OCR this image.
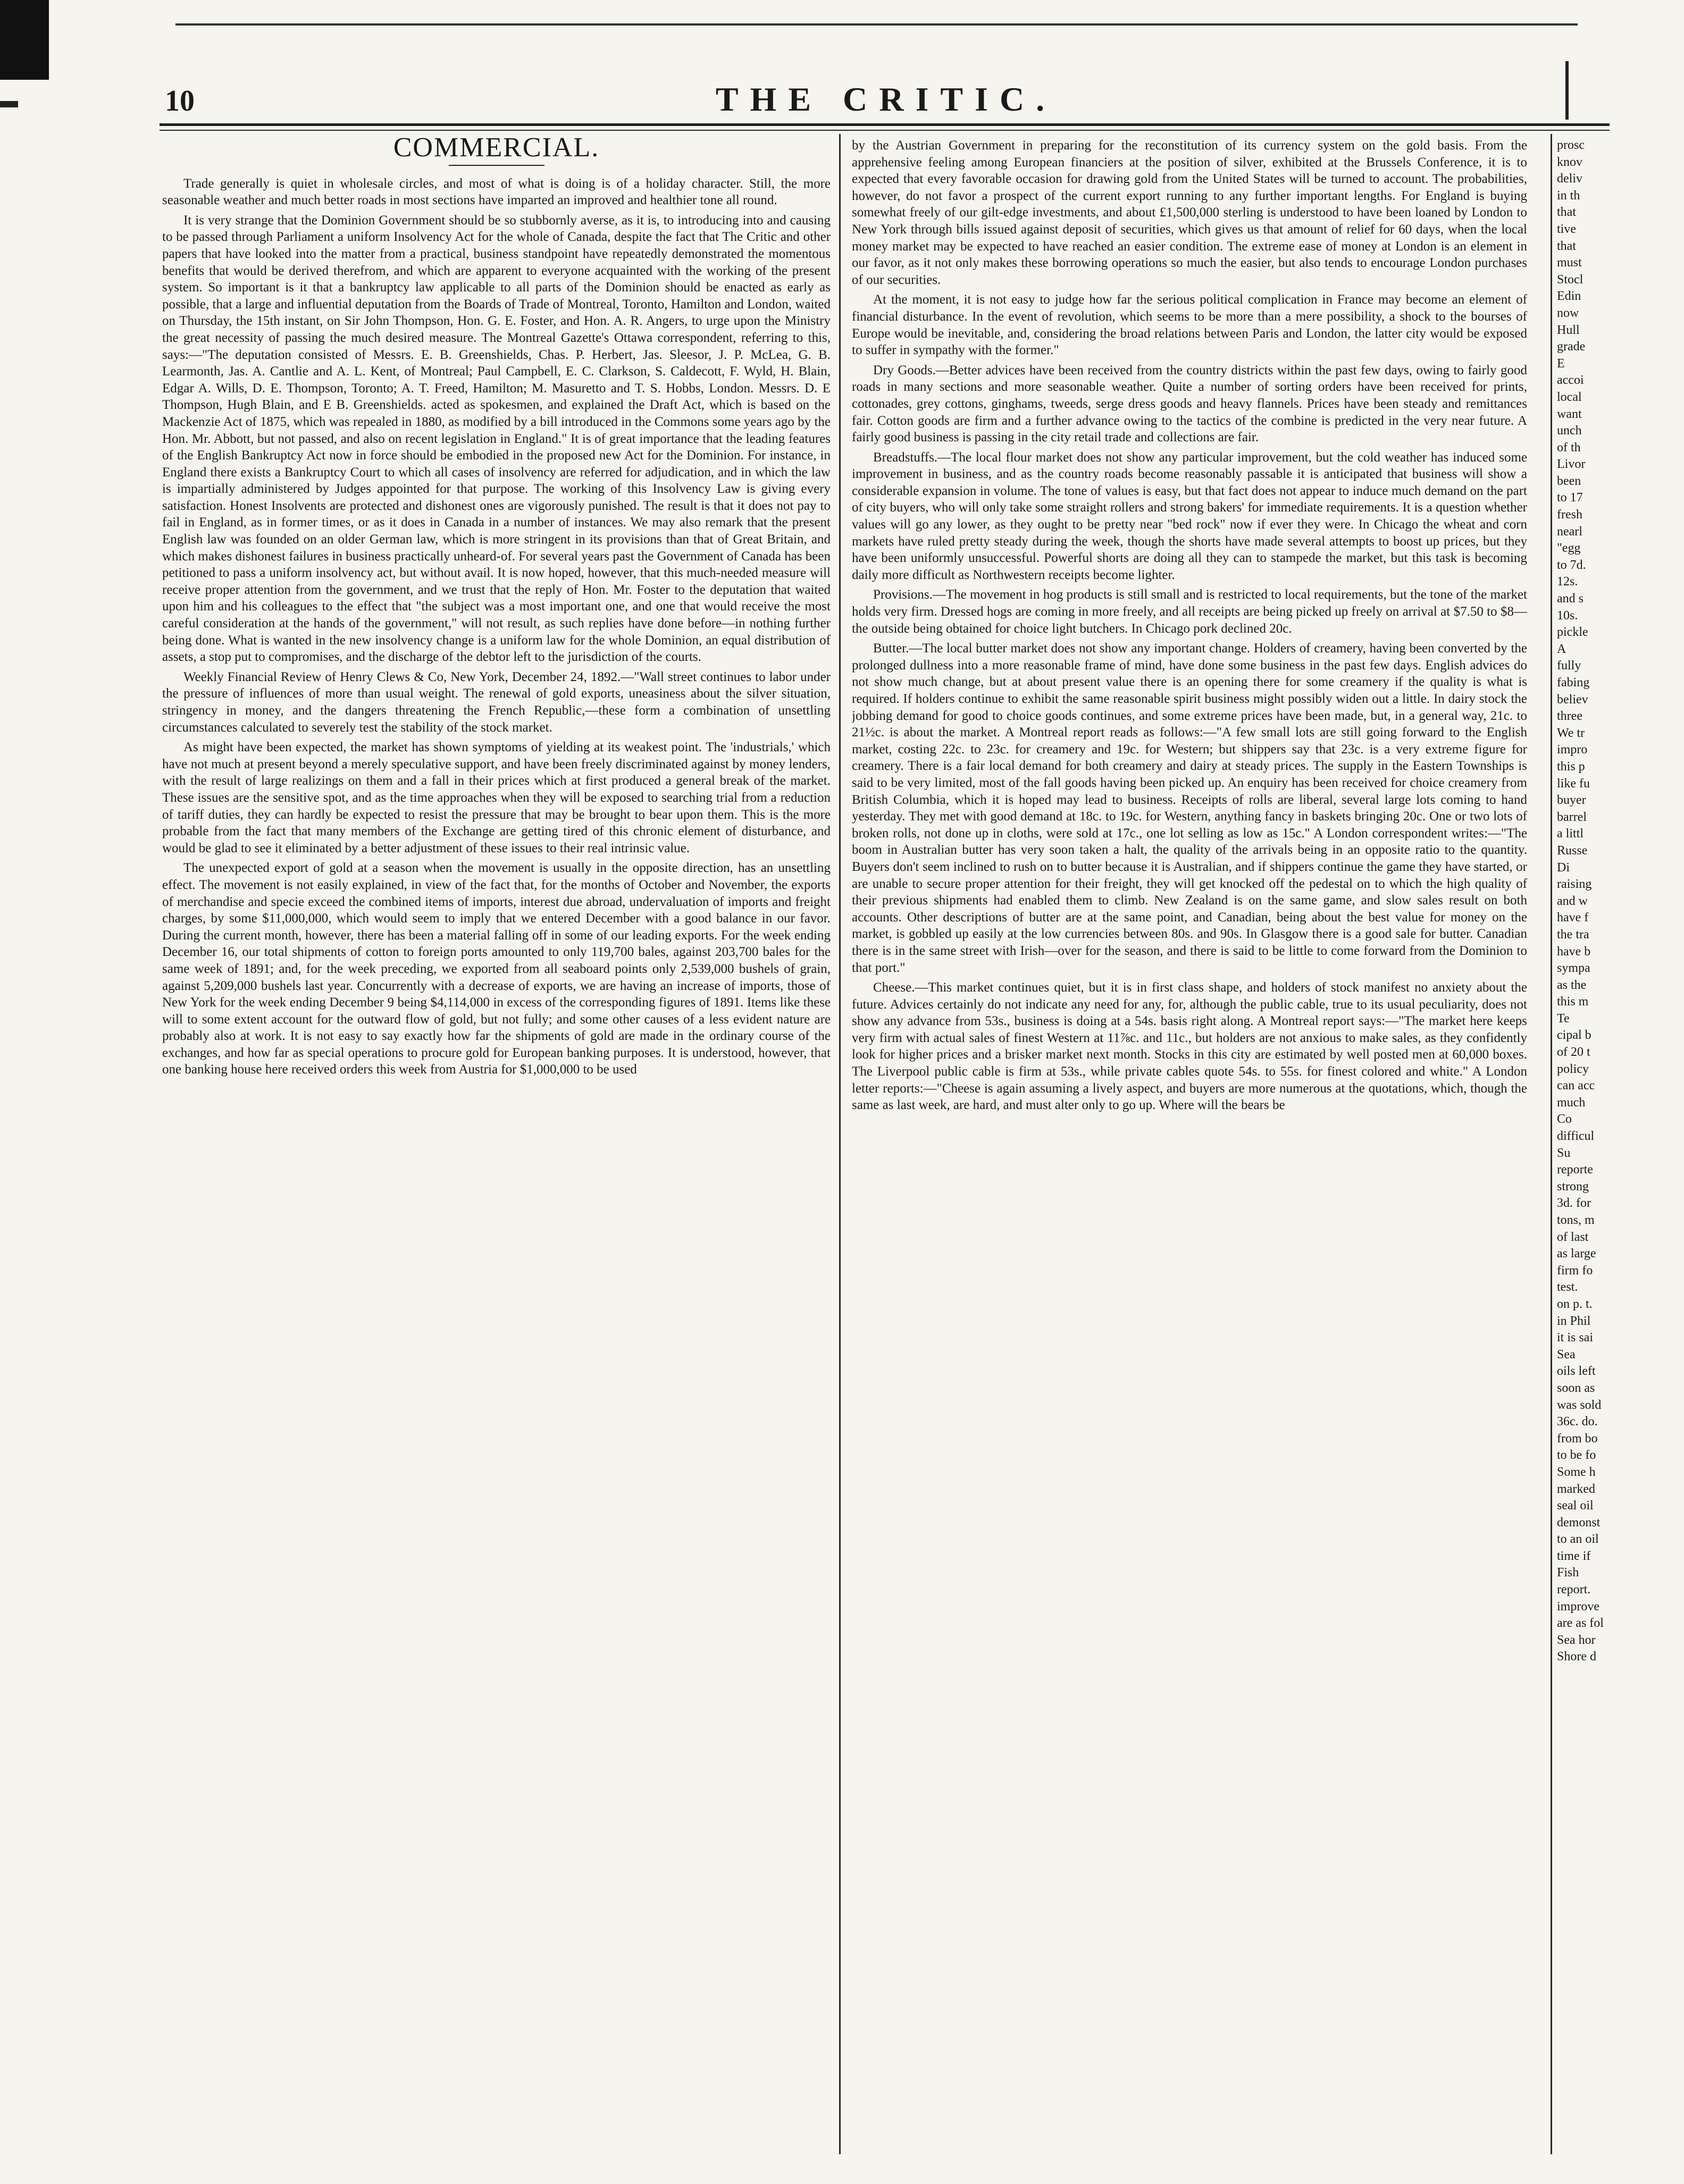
10	THE CRITIC.
COMMERCIAL.

Trade generally is quiet in wholesale circles, and most of what is doing is of a holiday character. Still, the more seasonable weather and much better roads in most sections have imparted an improved and healthier tone all round.

It is very strange that the Dominion Government should be so stubbornly averse, as it is, to introducing into and causing to be passed through Parliament a uniform Insolvency Act for the whole of Canada, despite the fact that The Critic and other papers that have looked into the matter from a practical, business standpoint have repeatedly demonstrated the momentous benefits that would be derived therefrom, and which are apparent to everyone acquainted with the working of the present system. So important is it that a bankruptcy law applicable to all parts of the Dominion should be enacted as early as possible, that a large and influential deputation from the Boards of Trade of Montreal, Toronto, Hamilton and London, waited on Thursday, the 15th instant, on Sir John Thompson, Hon. G. E. Foster, and Hon. A. R. Angers, to urge upon the Ministry the great necessity of passing the much desired measure. The Montreal Gazette's Ottawa correspondent, referring to this, says:—"The deputation consisted of Messrs. E. B. Greenshields, Chas. P. Herbert, Jas. Sleesor, J. P. McLea, G. B. Learmonth, Jas. A. Cantlie and A. L. Kent, of Montreal; Paul Campbell, E. C. Clarkson, S. Caldecott, F. Wyld, H. Blain, Edgar A. Wills, D. E. Thompson, Toronto; A. T. Freed, Hamilton; M. Masuretto and T. S. Hobbs, London. Messrs. D. E Thompson, Hugh Blain, and E B. Greenshields. acted as spokesmen, and explained the Draft Act, which is based on the Mackenzie Act of 1875, which was repealed in 1880, as modified by a bill introduced in the Commons some years ago by the Hon. Mr. Abbott, but not passed, and also on recent legislation in England." It is of great importance that the leading features of the English Bankruptcy Act now in force should be embodied in the proposed new Act for the Dominion. For instance, in England there exists a Bankruptcy Court to which all cases of insolvency are referred for adjudication, and in which the law is impartially administered by Judges appointed for that purpose. The working of this Insolvency Law is giving every satisfaction. Honest Insolvents are protected and dishonest ones are vigorously punished. The result is that it does not pay to fail in England, as in former times, or as it does in Canada in a number of instances. We may also remark that the present English law was founded on an older German law, which is more stringent in its provisions than that of Great Britain, and which makes dishonest failures in business practically unheard-of. For several years past the Government of Canada has been petitioned to pass a uniform insolvency act, but without avail. It is now hoped, however, that this much-needed measure will receive proper attention from the government, and we trust that the reply of Hon. Mr. Foster to the deputation that waited upon him and his colleagues to the effect that "the subject was a most important one, and one that would receive the most careful consideration at the hands of the government," will not result, as such replies have done before—in nothing further being done. What is wanted in the new insolvency change is a uniform law for the whole Dominion, an equal distribution of assets, a stop put to compromises, and the discharge of the debtor left to the jurisdiction of the courts.

Weekly Financial Review of Henry Clews & Co, New York, December 24, 1892.—"Wall street continues to labor under the pressure of influences of more than usual weight. The renewal of gold exports, uneasiness about the silver situation, stringency in money, and the dangers threatening the French Republic,—these form a combination of unsettling circumstances calculated to severely test the stability of the stock market.

As might have been expected, the market has shown symptoms of yielding at its weakest point. The 'industrials,' which have not much at present beyond a merely speculative support, and have been freely discriminated against by money lenders, with the result of large realizings on them and a fall in their prices which at first produced a general break of the market. These issues are the sensitive spot, and as the time approaches when they will be exposed to searching trial from a reduction of tariff duties, they can hardly be expected to resist the pressure that may be brought to bear upon them. This is the more probable from the fact that many members of the Exchange are getting tired of this chronic element of disturbance, and would be glad to see it eliminated by a better adjustment of these issues to their real intrinsic value.

The unexpected export of gold at a season when the movement is usually in the opposite direction, has an unsettling effect. The movement is not easily explained, in view of the fact that, for the months of October and November, the exports of merchandise and specie exceed the combined items of imports, interest due abroad, undervaluation of imports and freight charges, by some $11,000,000, which would seem to imply that we entered December with a good balance in our favor. During the current month, however, there has been a material falling off in some of our leading exports. For the week ending December 16, our total shipments of cotton to foreign ports amounted to only 119,700 bales, against 203,700 bales for the same week of 1891; and, for the week preceding, we exported from all seaboard points only 2,539,000 bushels of grain, against 5,209,000 bushels last year. Concurrently with a decrease of exports, we are having an increase of imports, those of New York for the week ending December 9 being $4,114,000 in excess of the corresponding figures of 1891. Items like these will to some extent account for the outward flow of gold, but not fully; and some other causes of a less evident nature are probably also at work. It is not easy to say exactly how far the shipments of gold are made in the ordinary course of the exchanges, and how far as special operations to procure gold for European banking purposes. It is understood, however, that one banking house here received orders this week from Austria for $1,000,000 to be used

by the Austrian Government in preparing for the reconstitution of its currency system on the gold basis. From the apprehensive feeling among European financiers at the position of silver, exhibited at the Brussels Conference, it is to expected that every favorable occasion for drawing gold from the United States will be turned to account. The probabilities, however, do not favor a prospect of the current export running to any further important lengths. For England is buying somewhat freely of our gilt-edge investments, and about £1,500,000 sterling is understood to have been loaned by London to New York through bills issued against deposit of securities, which gives us that amount of relief for 60 days, when the local money market may be expected to have reached an easier condition. The extreme ease of money at London is an element in our favor, as it not only makes these borrowing operations so much the easier, but also tends to encourage London purchases of our securities.

At the moment, it is not easy to judge how far the serious political complication in France may become an element of financial disturbance. In the event of revolution, which seems to be more than a mere possibility, a shock to the bourses of Europe would be inevitable, and, considering the broad relations between Paris and London, the latter city would be exposed to suffer in sympathy with the former."

Dry Goods.—Better advices have been received from the country districts within the past few days, owing to fairly good roads in many sections and more seasonable weather. Quite a number of sorting orders have been received for prints, cottonades, grey cottons, ginghams, tweeds, serge dress goods and heavy flannels. Prices have been steady and remittances fair. Cotton goods are firm and a further advance owing to the tactics of the combine is predicted in the very near future. A fairly good business is passing in the city retail trade and collections are fair.

Breadstuffs.—The local flour market does not show any particular improvement, but the cold weather has induced some improvement in business, and as the country roads become reasonably passable it is anticipated that business will show a considerable expansion in volume. The tone of values is easy, but that fact does not appear to induce much demand on the part of city buyers, who will only take some straight rollers and strong bakers' for immediate requirements. It is a question whether values will go any lower, as they ought to be pretty near "bed rock" now if ever they were. In Chicago the wheat and corn markets have ruled pretty steady during the week, though the shorts have made several attempts to boost up prices, but they have been uniformly unsuccessful. Powerful shorts are doing all they can to stampede the market, but this task is becoming daily more difficult as Northwestern receipts become lighter.

Provisions.—The movement in hog products is still small and is restricted to local requirements, but the tone of the market holds very firm. Dressed hogs are coming in more freely, and all receipts are being picked up freely on arrival at $7.50 to $8—the outside being obtained for choice light butchers. In Chicago pork declined 20c.

Butter.—The local butter market does not show any important change. Holders of creamery, having been converted by the prolonged dullness into a more reasonable frame of mind, have done some business in the past few days. English advices do not show much change, but at about present value there is an opening there for some creamery if the quality is what is required. If holders continue to exhibit the same reasonable spirit business might possibly widen out a little. In dairy stock the jobbing demand for good to choice goods continues, and some extreme prices have been made, but, in a general way, 21c. to 21½c. is about the market. A Montreal report reads as follows:—"A few small lots are still going forward to the English market, costing 22c. to 23c. for creamery and 19c. for Western; but shippers say that 23c. is a very extreme figure for creamery. There is a fair local demand for both creamery and dairy at steady prices. The supply in the Eastern Townships is said to be very limited, most of the fall goods having been picked up. An enquiry has been received for choice creamery from British Columbia, which it is hoped may lead to business. Receipts of rolls are liberal, several large lots coming to hand yesterday. They met with good demand at 18c. to 19c. for Western, anything fancy in baskets bringing 20c. One or two lots of broken rolls, not done up in cloths, were sold at 17c., one lot selling as low as 15c." A London correspondent writes:—"The boom in Australian butter has very soon taken a halt, the quality of the arrivals being in an opposite ratio to the quantity. Buyers don't seem inclined to rush on to butter because it is Australian, and if shippers continue the game they have started, or are unable to secure proper attention for their freight, they will get knocked off the pedestal on to which the high quality of their previous shipments had enabled them to climb. New Zealand is on the same game, and slow sales result on both accounts. Other descriptions of butter are at the same point, and Canadian, being about the best value for money on the market, is gobbled up easily at the low currencies between 80s. and 90s. In Glasgow there is a good sale for butter. Canadian there is in the same street with Irish—over for the season, and there is said to be little to come forward from the Dominion to that port."

Cheese.—This market continues quiet, but it is in first class shape, and holders of stock manifest no anxiety about the future. Advices certainly do not indicate any need for any, for, although the public cable, true to its usual peculiarity, does not show any advance from 53s., business is doing at a 54s. basis right along. A Montreal report says:—"The market here keeps very firm with actual sales of finest Western at 11⅞c. and 11c., but holders are not anxious to make sales, as they confidently look for higher prices and a brisker market next month. Stocks in this city are estimated by well posted men at 60,000 boxes. The Liverpool public cable is firm at 53s., while private cables quote 54s. to 55s. for finest colored and white." A London letter reports:—"Cheese is again assuming a lively aspect, and buyers are more numerous at the quotations, which, though the same as last week, are hard, and must alter only to go up. Where will the bears be

prosc
knov
deliv
in th
that
tive
that
must
Stocl
Edin
now
Hull
grade
E
accoi
local
want
unch
of th
Livor
been
to 17
fresh
nearl
"egg
to 7d.
12s.
and s
10s.
pickle
A
fully
fabing
believ
three
We tr
impro
this p
like fu
buyer
barrel
a littl
Russe
Di
raising
and w
have f
the tra
have b
sympa
as the
this m
Te
cipal b
of 20 t
policy
can acc
much
Co
difficul
Su
reporte
strong
3d. for
tons, m
of last
as large
firm fo
test.
on p. t.
in Phil
it is sai
Sea
oils left
soon as
was sold
36c. do.
from bo
to be fo
Some h
marked
seal oil
demonst
to an oil
time if
Fish
report.
improve
are as fol
Sea hor
Shore d
